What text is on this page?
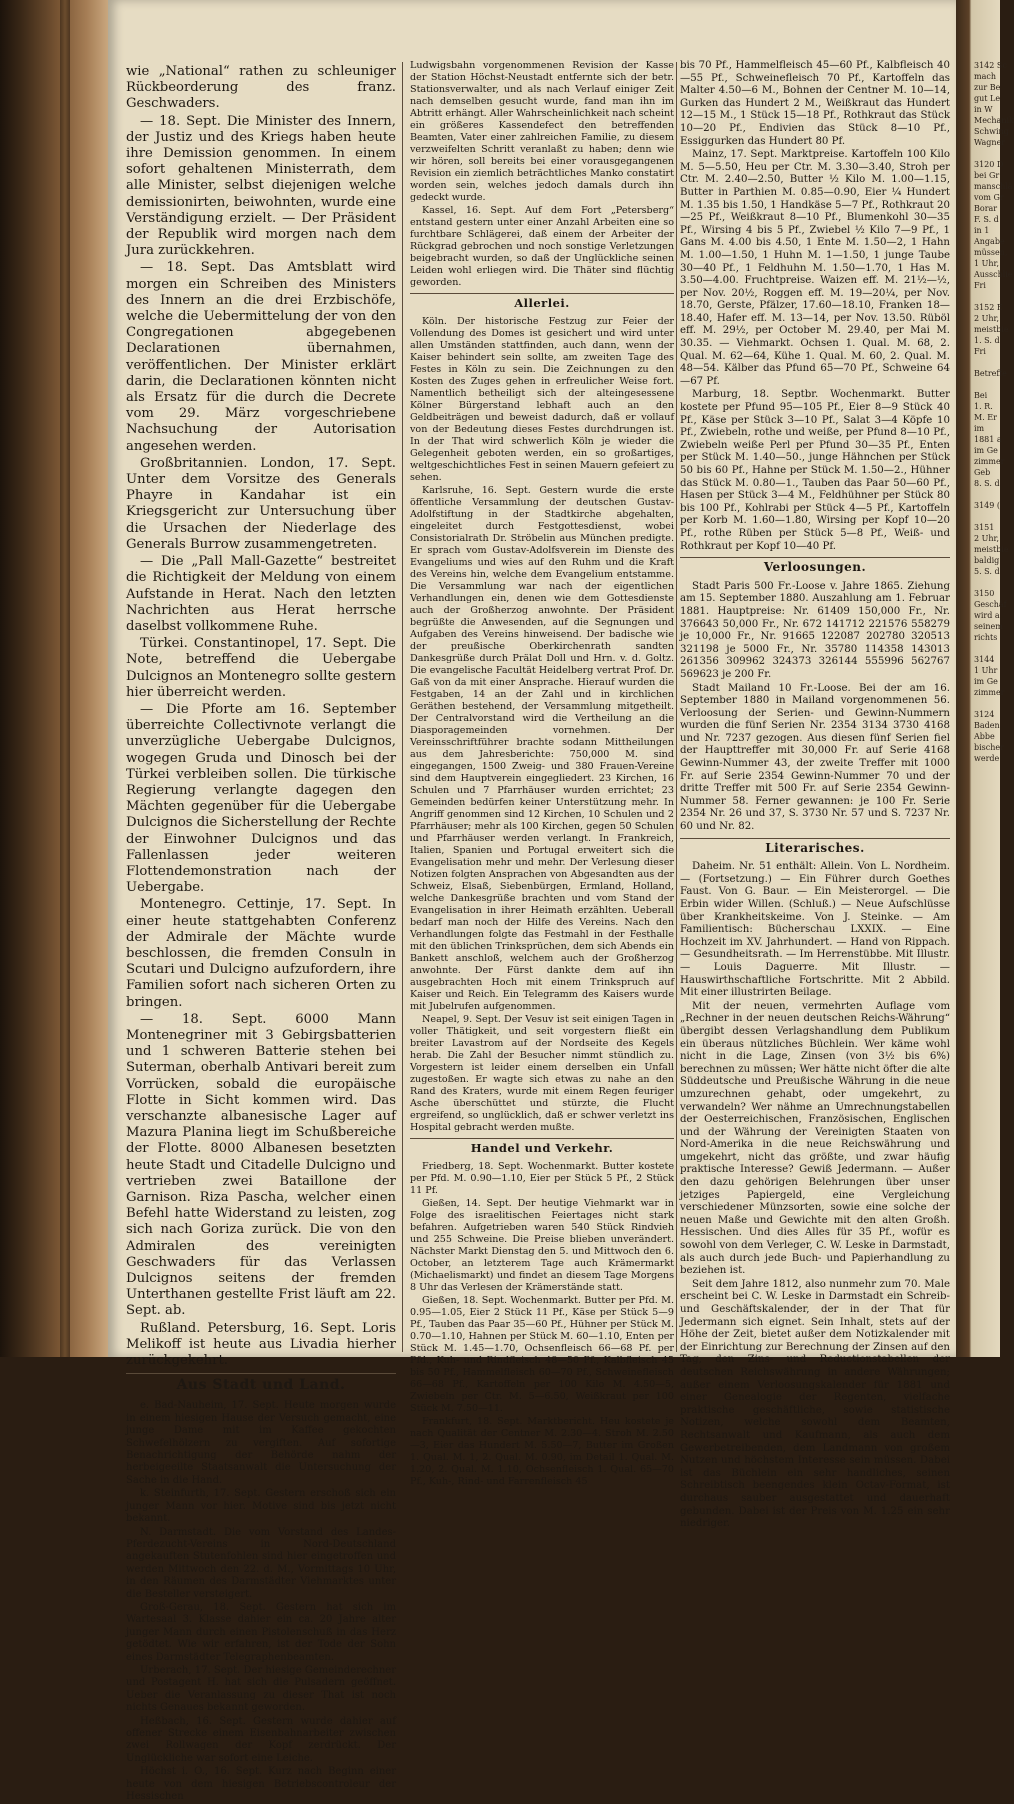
wie „National“ rathen zu schleuniger Rückbeorderung des franz. Geschwaders.

— 18. Sept. Die Minister des Innern, der Justiz und des Kriegs haben heute ihre Demission genommen. In einem sofort gehaltenen Ministerrath, dem alle Minister, selbst diejenigen welche demissionirten, beiwohnten, wurde eine Verständigung erzielt. — Der Präsident der Republik wird morgen nach dem Jura zurückkehren.

— 18. Sept. Das Amtsblatt wird morgen ein Schreiben des Ministers des Innern an die drei Erzbischöfe, welche die Uebermittelung der von den Congregationen abgegebenen Declarationen übernahmen, veröffentlichen. Der Minister erklärt darin, die Declarationen könnten nicht als Ersatz für die durch die Decrete vom 29. März vorgeschriebene Nachsuchung der Autorisation angesehen werden.

Großbritannien. London, 17. Sept. Unter dem Vorsitze des Generals Phayre in Kandahar ist ein Kriegsgericht zur Untersuchung über die Ursachen der Niederlage des Generals Burrow zusammengetreten.

— Die „Pall Mall-Gazette“ bestreitet die Richtigkeit der Meldung von einem Aufstande in Herat. Nach den letzten Nachrichten aus Herat herrsche daselbst vollkommene Ruhe.

Türkei. Constantinopel, 17. Sept. Die Note, betreffend die Uebergabe Dulcignos an Montenegro sollte gestern hier überreicht werden.

— Die Pforte am 16. September überreichte Collectivnote verlangt die unverzügliche Uebergabe Dulcignos, wogegen Gruda und Dinosch bei der Türkei verbleiben sollen. Die türkische Regierung verlangte dagegen den Mächten gegenüber für die Uebergabe Dulcignos die Sicherstellung der Rechte der Einwohner Dulcignos und das Fallenlassen jeder weiteren Flottendemonstration nach der Uebergabe.

Montenegro. Cettinje, 17. Sept. In einer heute stattgehabten Conferenz der Admirale der Mächte wurde beschlossen, die fremden Consuln in Scutari und Dulcigno aufzufordern, ihre Familien sofort nach sicheren Orten zu bringen.

— 18. Sept. 6000 Mann Montenegriner mit 3 Gebirgsbatterien und 1 schweren Batterie stehen bei Suterman, oberhalb Antivari bereit zum Vorrücken, sobald die europäische Flotte in Sicht kommen wird. Das verschanzte albanesische Lager auf Mazura Planina liegt im Schußbereiche der Flotte. 8000 Albanesen besetzten heute Stadt und Citadelle Dulcigno und vertrieben zwei Bataillone der Garnison. Riza Pascha, welcher einen Befehl hatte Widerstand zu leisten, zog sich nach Goriza zurück. Die von den Admiralen des vereinigten Geschwaders für das Verlassen Dulcignos seitens der fremden Unterthanen gestellte Frist läuft am 22. Sept. ab.

Rußland. Petersburg, 16. Sept. Loris Melikoff ist heute aus Livadia hierher zurückgekehrt.

Aus Stadt und Land.

e. Bad-Nauheim, 17. Sept. Heute morgen wurde in einem hiesigen Hause der Versuch gemacht, eine junge Dame mit im Kaffee gekochten Schwefelhölzern zu vergiften. Auf sofortige Benachrichtigung der Behörde nahm der herbeigeeilte Staatsanwalt die Untersuchung der Sache in die Hand.

k. Steinfurth, 17. Sept. Gestern erschoß sich ein junger Mann vor hier. Motive sind bis jetzt nicht bekannt.

N. Darmstadt. Die vom Vorstand des Landes-Pferdezucht-Vereins in Nord-Deutschland angekauften Stutenfohlen sind hier eingetroffen und werden Mittwoch den 22. d. M., Vormittags 10 Uhr, in den Räumen des Darmstädter Viehmarktes unter die Besteller versteigert.

Groß-Gerau, 18. Sept. Gestern hat sich im Wartesaal 3. Klasse dahier ein ca. 20 Jahre alter junger Mann durch einen Pistolenschuß in das Herz getödtet. Wie wir erfahren, ist der Tode der Sohn eines Darmstädter Telegraphenbeamten.

Urberach, 17. Sept. Der hiesige Gemeinderechner und Postagent H. hat sich die Pulsadern geöffnet. Ueber die Veranlassung zu dieser That ist noch nichts Genaues bekannt geworden.

Heßbach, 16. Sept. Gestern wurde dahier auf offener Strecke einem Eisenbahnarbeiter zwischen zwei Rollwagen der Kopf zerdrückt. Der Unglückliche war sofort eine Leiche.

Höchst i. O., 16. Sept. Kurz nach Beginn einer heute von dem hiesigen Betriebscontroleur der Hessischen

Ludwigsbahn vorgenommenen Revision der Kasse der Station Höchst-Neustadt entfernte sich der betr. Stationsverwalter, und als nach Verlauf einiger Zeit nach demselben gesucht wurde, fand man ihn im Abtritt erhängt. Aller Wahrscheinlichkeit nach scheint ein größeres Kassendefect den betreffenden Beamten, Vater einer zahlreichen Familie, zu diesem verzweifelten Schritt veranlaßt zu haben; denn wie wir hören, soll bereits bei einer vorausgegangenen Revision ein ziemlich beträchtliches Manko constatirt worden sein, welches jedoch damals durch ihn gedeckt wurde.

Kassel, 16. Sept. Auf dem Fort „Petersberg“ entstand gestern unter einer Anzahl Arbeiten eine so furchtbare Schlägerei, daß einem der Arbeiter der Rückgrad gebrochen und noch sonstige Verletzungen beigebracht wurden, so daß der Unglückliche seinen Leiden wohl erliegen wird. Die Thäter sind flüchtig geworden.

Allerlei.

Köln. Der historische Festzug zur Feier der Vollendung des Domes ist gesichert und wird unter allen Umständen stattfinden, auch dann, wenn der Kaiser behindert sein sollte, am zweiten Tage des Festes in Köln zu sein. Die Zeichnungen zu den Kosten des Zuges gehen in erfreulicher Weise fort. Namentlich betheiligt sich der alteingesessene Kölner Bürgerstand lebhaft auch an den Geldbeiträgen und beweist dadurch, daß er vollauf von der Bedeutung dieses Festes durchdrungen ist. In der That wird schwerlich Köln je wieder die Gelegenheit geboten werden, ein so großartiges, weltgeschichtliches Fest in seinen Mauern gefeiert zu sehen.

Karlsruhe, 16. Sept. Gestern wurde die erste öffentliche Versammlung der deutschen Gustav-Adolfstiftung in der Stadtkirche abgehalten, eingeleitet durch Festgottesdienst, wobei Consistorialrath Dr. Ströbelin aus München predigte. Er sprach vom Gustav-Adolfsverein im Dienste des Evangeliums und wies auf den Ruhm und die Kraft des Vereins hin, welche dem Evangelium entstamme. Die Versammlung war nach der eigentlichen Verhandlungen ein, denen wie dem Gottesdienste auch der Großherzog anwohnte. Der Präsident begrüßte die Anwesenden, auf die Segnungen und Aufgaben des Vereins hinweisend. Der badische wie der preußische Oberkirchenrath sandten Dankesgrüße durch Prälat Doll und Hrn. v. d. Goltz. Die evangelische Facultät Heidelberg vertrat Prof. Dr. Gaß von da mit einer Ansprache. Hierauf wurden die Festgaben, 14 an der Zahl und in kirchlichen Geräthen bestehend, der Versammlung mitgetheilt. Der Centralvorstand wird die Vertheilung an die Diasporagemeinden vornehmen. Der Vereinsschriftführer brachte sodann Mittheilungen aus dem Jahresberichte: 750,000 M. sind eingegangen, 1500 Zweig- und 380 Frauen-Vereine sind dem Hauptverein eingegliedert. 23 Kirchen, 16 Schulen und 7 Pfarrhäuser wurden errichtet; 23 Gemeinden bedürfen keiner Unterstützung mehr. In Angriff genommen sind 12 Kirchen, 10 Schulen und 2 Pfarrhäuser; mehr als 100 Kirchen, gegen 50 Schulen und Pfarrhäuser werden verlangt. In Frankreich, Italien, Spanien und Portugal erweitert sich die Evangelisation mehr und mehr. Der Verlesung dieser Notizen folgten Ansprachen von Abgesandten aus der Schweiz, Elsaß, Siebenbürgen, Ermland, Holland, welche Dankesgrüße brachten und vom Stand der Evangelisation in ihrer Heimath erzählten. Ueberall bedarf man noch der Hilfe des Vereins. Nach den Verhandlungen folgte das Festmahl in der Festhalle mit den üblichen Trinksprüchen, dem sich Abends ein Bankett anschloß, welchem auch der Großherzog anwohnte. Der Fürst dankte dem auf ihn ausgebrachten Hoch mit einem Trinkspruch auf Kaiser und Reich. Ein Telegramm des Kaisers wurde mit Jubelrufen aufgenommen.

Neapel, 9. Sept. Der Vesuv ist seit einigen Tagen in voller Thätigkeit, und seit vorgestern fließt ein breiter Lavastrom auf der Nordseite des Kegels herab. Die Zahl der Besucher nimmt stündlich zu. Vorgestern ist leider einem derselben ein Unfall zugestoßen. Er wagte sich etwas zu nahe an den Rand des Kraters, wurde mit einem Regen feuriger Asche überschüttet und stürzte, die Flucht ergreifend, so unglücklich, daß er schwer verletzt ins Hospital gebracht werden mußte.

Handel und Verkehr.

Friedberg, 18. Sept. Wochenmarkt. Butter kostete per Pfd. M. 0.90—1.10, Eier per Stück 5 Pf., 2 Stück 11 Pf.

Gießen, 14. Sept. Der heutige Viehmarkt war in Folge des israelitischen Feiertages nicht stark befahren. Aufgetrieben waren 540 Stück Rindvieh und 255 Schweine. Die Preise blieben unverändert. Nächster Markt Dienstag den 5. und Mittwoch den 6. October, an letzterem Tage auch Krämermarkt (Michaelismarkt) und findet an diesem Tage Morgens 8 Uhr das Verlesen der Krämerstände statt.

Gießen, 18. Sept. Wochenmarkt. Butter per Pfd. M. 0.95—1.05, Eier 2 Stück 11 Pf., Käse per Stück 5—9 Pf., Tauben das Paar 35—60 Pf., Hühner per Stück M. 0.70—1.10, Hahnen per Stück M. 60—1.10, Enten per Stück M. 1.45—1.70, Ochsenfleisch 66—68 Pf. per Pfd., Kuh- und Rindfleisch 48—50 Pf., Kalbfleisch 45 bis 50 Pf., Hammelfleisch 60—70 Pf., Schweinefleisch 66—68 Pf., Kartoffeln per 100 Kilo M. 4.50—5, Zwiebeln per Ctr. M. 5—6.50, Weißkraut per 100 Stück M. 7.50—11.

Frankfurt, 18. Sept. Marktbericht. Heu kostete je nach Qualität der Centner M. 2.30—4. Stroh M. 2.50—3, Eier das Hundert M. 5.50—7, Butter im Großen 1. Qual. M. 1, 2. Qual. M. 0.90, im Detail 1. Qual. M. 1.20, 2. Qual. M. 1.10, Ochsenfleisch 1. Qual. 65—70 Pf., Kuh-, Rind- und Farrenfleisch 45

bis 70 Pf., Hammelfleisch 45—60 Pf., Kalbfleisch 40—55 Pf., Schweinefleisch 70 Pf., Kartoffeln das Malter 4.50—6 M., Bohnen der Centner M. 10—14, Gurken das Hundert 2 M., Weißkraut das Hundert 12—15 M., 1 Stück 15—18 Pf., Rothkraut das Stück 10—20 Pf., Endivien das Stück 8—10 Pf., Essiggurken das Hundert 80 Pf.

Mainz, 17. Sept. Marktpreise. Kartoffeln 100 Kilo M. 5—5.50, Heu per Ctr. M. 3.30—3.40, Stroh per Ctr. M. 2.40—2.50, Butter ½ Kilo M. 1.00—1.15, Butter in Parthien M. 0.85—0.90, Eier ¼ Hundert M. 1.35 bis 1.50, 1 Handkäse 5—7 Pf., Rothkraut 20—25 Pf., Weißkraut 8—10 Pf., Blumenkohl 30—35 Pf., Wirsing 4 bis 5 Pf., Zwiebel ½ Kilo 7—9 Pf., 1 Gans M. 4.00 bis 4.50, 1 Ente M. 1.50—2, 1 Hahn M. 1.00—1.50, 1 Huhn M. 1—1.50, 1 junge Taube 30—40 Pf., 1 Feldhuhn M. 1.50—1.70, 1 Has M. 3.50—4.00. Fruchtpreise. Waizen eff. M. 21½—½, per Nov. 20½, Roggen eff. M. 19—20¼, per Nov. 18.70, Gerste, Pfälzer, 17.60—18.10, Franken 18—18.40, Hafer eff. M. 13—14, per Nov. 13.50. Rüböl eff. M. 29½, per October M. 29.40, per Mai M. 30.35. — Viehmarkt. Ochsen 1. Qual. M. 68, 2. Qual. M. 62—64, Kühe 1. Qual. M. 60, 2. Qual. M. 48—54. Kälber das Pfund 65—70 Pf., Schweine 64—67 Pf.

Marburg, 18. Septbr. Wochenmarkt. Butter kostete per Pfund 95—105 Pf., Eier 8—9 Stück 40 Pf., Käse per Stück 3—10 Pf., Salat 3—4 Köpfe 10 Pf., Zwiebeln, rothe und weiße, per Pfund 8—10 Pf., Zwiebeln weiße Perl per Pfund 30—35 Pf., Enten per Stück M. 1.40—50., junge Hähnchen per Stück 50 bis 60 Pf., Hahne per Stück M. 1.50—2., Hühner das Stück M. 0.80—1., Tauben das Paar 50—60 Pf., Hasen per Stück 3—4 M., Feldhühner per Stück 80 bis 100 Pf., Kohlrabi per Stück 4—5 Pf., Kartoffeln per Korb M. 1.60—1.80, Wirsing per Kopf 10—20 Pf., rothe Rüben per Stück 5—8 Pf., Weiß- und Rothkraut per Kopf 10—40 Pf.

Verloosungen.

Stadt Paris 500 Fr.-Loose v. Jahre 1865. Ziehung am 15. September 1880. Auszahlung am 1. Februar 1881. Hauptpreise: Nr. 61409 150,000 Fr., Nr. 376643 50,000 Fr., Nr. 672 141712 221576 558279 je 10,000 Fr., Nr. 91665 122087 202780 320513 321198 je 5000 Fr., Nr. 35780 114358 143013 261356 309962 324373 326144 555996 562767 569623 je 200 Fr.

Stadt Mailand 10 Fr.-Loose. Bei der am 16. September 1880 in Mailand vorgenommenen 56. Verloosung der Serien- und Gewinn-Nummern wurden die fünf Serien Nr. 2354 3134 3730 4168 und Nr. 7237 gezogen. Aus diesen fünf Serien fiel der Haupttreffer mit 30,000 Fr. auf Serie 4168 Gewinn-Nummer 43, der zweite Treffer mit 1000 Fr. auf Serie 2354 Gewinn-Nummer 70 und der dritte Treffer mit 500 Fr. auf Serie 2354 Gewinn-Nummer 58. Ferner gewannen: je 100 Fr. Serie 2354 Nr. 26 und 37, S. 3730 Nr. 57 und S. 7237 Nr. 60 und Nr. 82.

Literarisches.

Daheim. Nr. 51 enthält: Allein. Von L. Nordheim. — (Fortsetzung.) — Ein Führer durch Goethes Faust. Von G. Baur. — Ein Meisterorgel. — Die Erbin wider Willen. (Schluß.) — Neue Aufschlüsse über Krankheitskeime. Von J. Steinke. — Am Familientisch: Bücherschau LXXIX. — Eine Hochzeit im XV. Jahrhundert. — Hand von Rippach. — Gesundheitsrath. — Im Herrenstübbe. Mit Illustr. — Louis Daguerre. Mit Illustr. — Hauswirthschaftliche Fortschritte. Mit 2 Abbild. Mit einer illustrirten Beilage.

Mit der neuen, vermehrten Auflage vom „Rechner in der neuen deutschen Reichs-Währung“ übergibt dessen Verlagshandlung dem Publikum ein überaus nützliches Büchlein. Wer käme wohl nicht in die Lage, Zinsen (von 3½ bis 6%) berechnen zu müssen; Wer hätte nicht öfter die alte Süddeutsche und Preußische Währung in die neue umzurechnen gehabt, oder umgekehrt, zu verwandeln? Wer nähme an Umrechnungstabellen der Oesterreichischen, Französischen, Englischen und der Währung der Vereinigten Staaten von Nord-Amerika in die neue Reichswährung und umgekehrt, nicht das größte, und zwar häufig praktische Interesse? Gewiß Jedermann. — Außer den dazu gehörigen Belehrungen über unser jetziges Papiergeld, eine Vergleichung verschiedener Münzsorten, sowie eine solche der neuen Maße und Gewichte mit den alten Großh. Hessischen. Und dies Alles für 35 Pf., wofür es sowohl von dem Verleger, C. W. Leske in Darmstadt, als auch durch jede Buch- und Papierhandlung zu beziehen ist.

Seit dem Jahre 1812, also nunmehr zum 70. Male erscheint bei C. W. Leske in Darmstadt ein Schreib- und Geschäftskalender, der in der That für Jedermann sich eignet. Sein Inhalt, stets auf der Höhe der Zeit, bietet außer dem Notizkalender mit der Einrichtung zur Berechnung der Zinsen auf den Tag, den Zins- und Reductionstabellen der deutschen Reichswährung in andere Währungen; außer einem Verloosungskalender für 1881 und einer Genealogie der Regenten, vielfache praktische geschäftliche, sowie statistische Notizen, welche sowohl dem Beamten, Rechtsanwalt und Kaufmann, als auch dem Gewerbetreibenden, dem Landmann von großem Nutzen und höchstem Interesse sein müssen. Dabei ist das Büchlein ein sehr handliches, seinen Schreibtisch beengendes klein Octav-Format, ist durchaus sauber ausgestattet und dauerhaft gebunden. Dabei ist der Preis von M. 1.25 ein sehr niedriger.

3142 Sc
mach
zur Be
gut Le
in W
Mechanik
Schwing
Wagner

3120 D
bei Gr
manschlä
vom Gr
Borar
F. S. d
in 1
Angabe
müssen,
1 Uhr,
Ausschlie
Fri

3152 E
2 Uhr,
meistbie
1. S. d
Fri

Betreffe

Bei
1. R.
M. Er
im
1881 a
im Ge
zimmer
Geb
8. S. d

3149 (

3151
2 Uhr,
meistbie
baldig
5. S. d

3150
Geschäf
wird a
seinem
richts

3144
1 Uhr
im Ge
zimmer

3124
Baden
Abbe
bischer
werde
